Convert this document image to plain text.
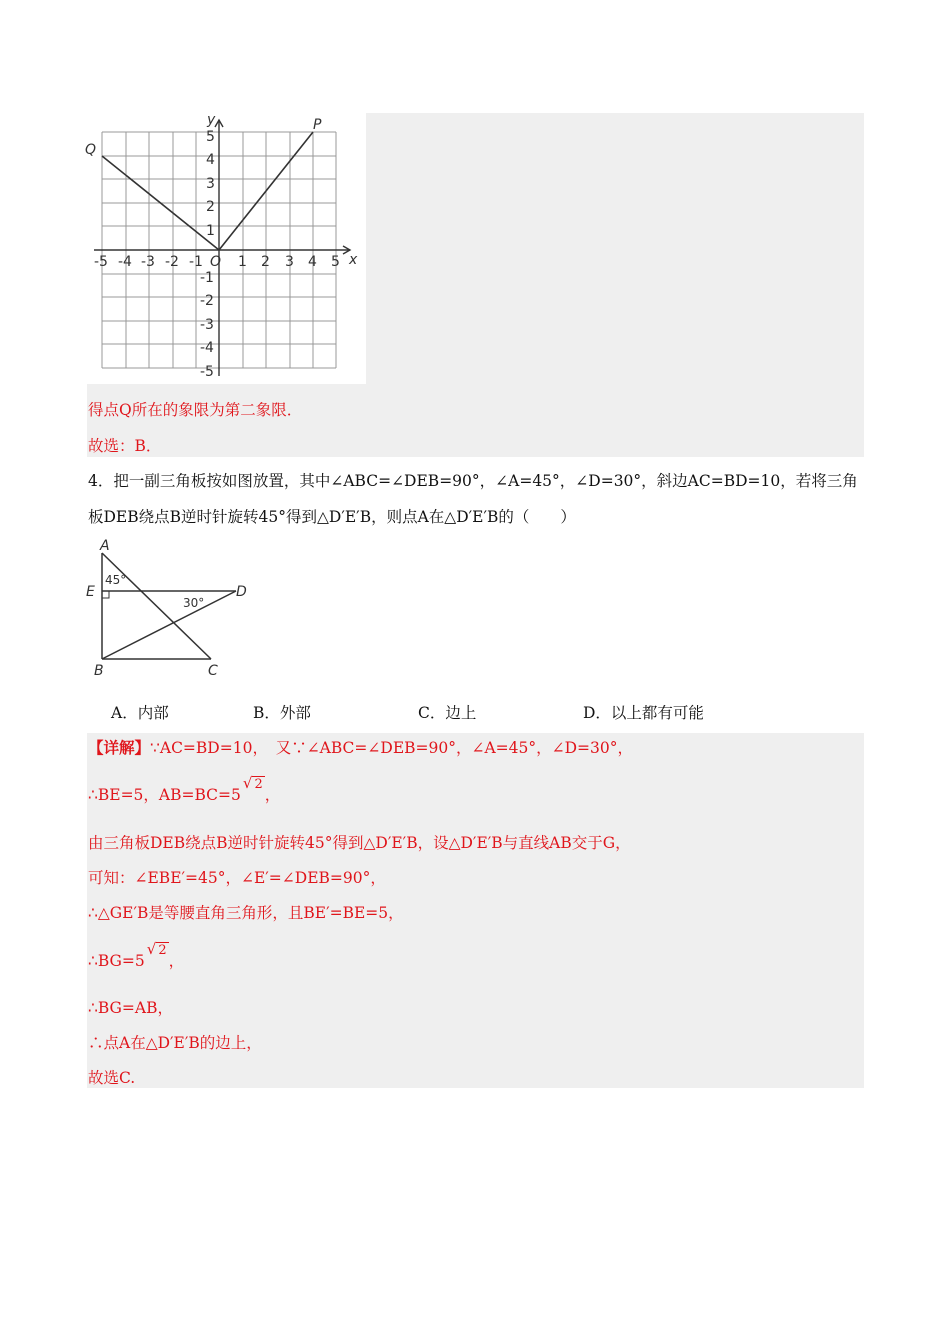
Q
P
x
y
O
-5 -4 -3 -2 -1	1 2 3 4 5
5
4
3
2
1
-1
-2
-3
-4
-5
得点Q所在的象限为第二象限．
故选：B．
4．把一副三角板按如图放置，其中∠ABC=∠DEB=90°，∠A=45°，∠D=30°，斜边AC=BD=10，若将三角
板DEB绕点B逆时针旋转45°得到△D′E′B，则点A在△D′E′B的（　　）
A
E	D
B	C
45°
30°
A．内部	B．外部	C．边上	D．以上都有可能
【详解】∵AC=BD=10，　又∵∠ABC=∠DEB=90°，∠A=45°，∠D=30°，
∴BE=5，AB=BC=5√ 2，
由三角板DEB绕点B逆时针旋转45°得到△D′E′B，设△D′E′B与直线AB交于G，
可知：∠EBE′=45°，∠E′=∠DEB=90°，
∴△GE′B是等腰直角三角形，且BE′=BE=5，
∴BG=5√ 2，
∴BG=AB，
∴点A在△D′E′B的边上，
故选C.
